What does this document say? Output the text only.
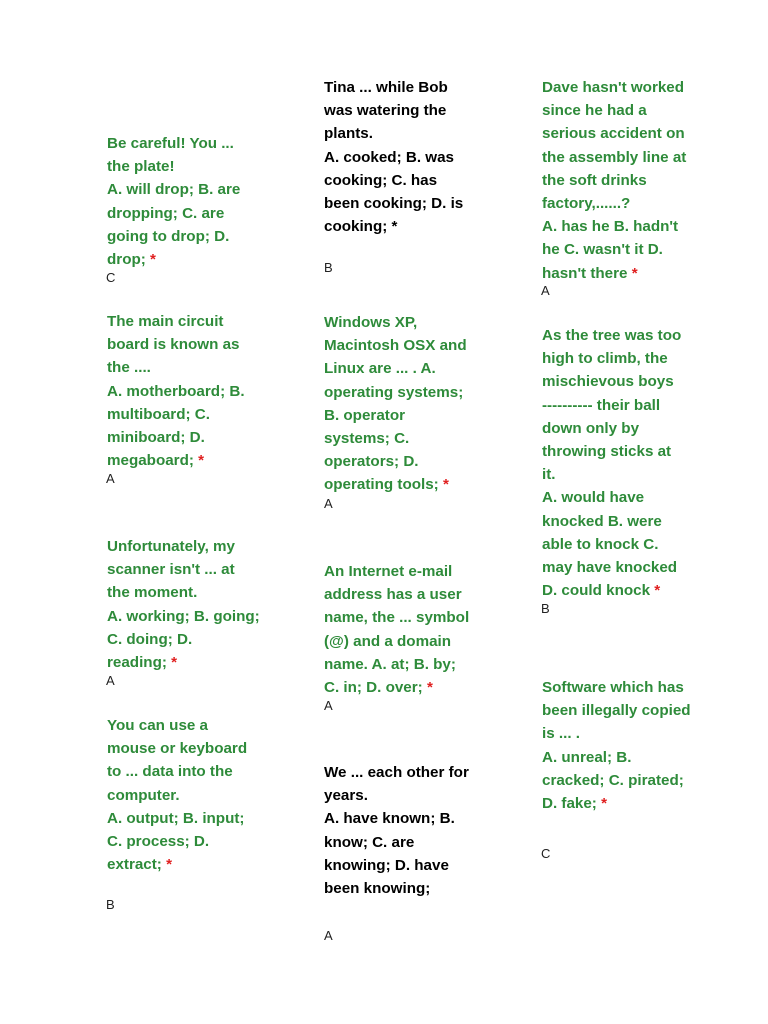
Be careful! You ...
the plate!
A. will drop; B. are
dropping; C. are
going to drop; D.
drop; *
C
The main circuit
board is known as
the ....
A. motherboard; B.
multiboard; C.
miniboard; D.
megaboard; *
A
Unfortunately, my
scanner isn't ... at
the moment.
A. working; B. going;
C. doing; D.
reading; *
A
You can use a
mouse or keyboard
to ... data into the
computer.
A. output; B. input;
C. process; D.
extract; *
B
Tina ... while Bob
was watering the
plants.
A. cooked; B. was
cooking; C. has
been cooking; D. is
cooking; *
B
Windows XP,
Macintosh OSX and
Linux are ... . A.
operating systems;
B. operator
systems; C.
operators; D.
operating tools; *
A
An Internet e-mail
address has a user
name, the ... symbol
(@) and a domain
name. A. at; B. by;
C. in; D. over; *
A
We ... each other for
years.
A. have known; B.
know; C. are
knowing; D. have
been knowing;
A
Dave hasn't worked
since he had a
serious accident on
the assembly line at
the soft drinks
factory,......?
A. has he B. hadn't
he C. wasn't it D.
hasn't there *
A
As the tree was too
high to climb, the
mischievous boys
---------- their ball
down only by
throwing sticks at
it.
A. would have
knocked B. were
able to knock C.
may have knocked
D. could knock *
B
Software which has
been illegally copied
is ... .
A. unreal; B.
cracked; C. pirated;
D. fake; *
C
